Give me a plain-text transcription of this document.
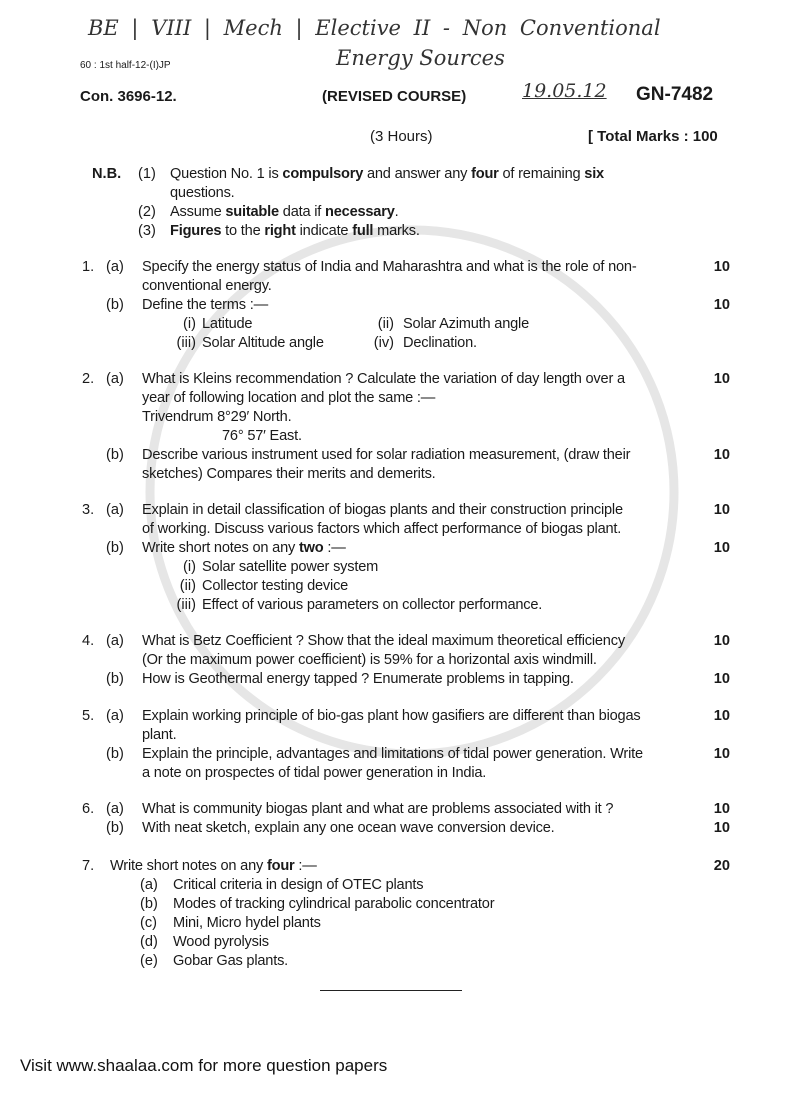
BE | VIII | Mech | Elective II - Non Conventional
Energy Sources
19.05.12
60 : 1st half-12-(I)JP
Con. 3696-12.	(REVISED COURSE)	GN-7482
(3 Hours)	[ Total Marks : 100
N.B. (1) Question No. 1 is compulsory and answer any four of remaining six
questions.
(2) Assume suitable data if necessary.
(3) Figures to the right indicate full marks.
1. (a) Specify the energy status of India and Maharashtra and what is the role of non-	10
conventional energy.
(b) Define the terms :—	10
(i) Latitude	(ii) Solar Azimuth angle
(iii) Solar Altitude angle	(iv) Declination.
2. (a) What is Kleins recommendation ? Calculate the variation of day length over a	10
year of following location and plot the same :—
Trivendrum 8°29′ North.
76° 57′ East.
(b) Describe various instrument used for solar radiation measurement, (draw their	10
sketches) Compares their merits and demerits.
3. (a) Explain in detail classification of biogas plants and their construction principle	10
of working. Discuss various factors which affect performance of biogas plant.
(b) Write short notes on any two :—	10
(i) Solar satellite power system
(ii) Collector testing device
(iii) Effect of various parameters on collector performance.
4. (a) What is Betz Coefficient ? Show that the ideal maximum theoretical efficiency	10
(Or the maximum power coefficient) is 59% for a horizontal axis windmill.
(b) How is Geothermal energy tapped ? Enumerate problems in tapping.	10
5. (a) Explain working principle of bio-gas plant how gasifiers are different than biogas	10
plant.
(b) Explain the principle, advantages and limitations of tidal power generation. Write	10
a note on prospectes of tidal power generation in India.
6. (a) What is community biogas plant and what are problems associated with it ?	10
(b) With neat sketch, explain any one ocean wave conversion device.	10
7. Write short notes on any four :—	20
(a) Critical criteria in design of OTEC plants
(b) Modes of tracking cylindrical parabolic concentrator
(c) Mini, Micro hydel plants
(d) Wood pyrolysis
(e) Gobar Gas plants.
Visit www.shaalaa.com for more question papers
